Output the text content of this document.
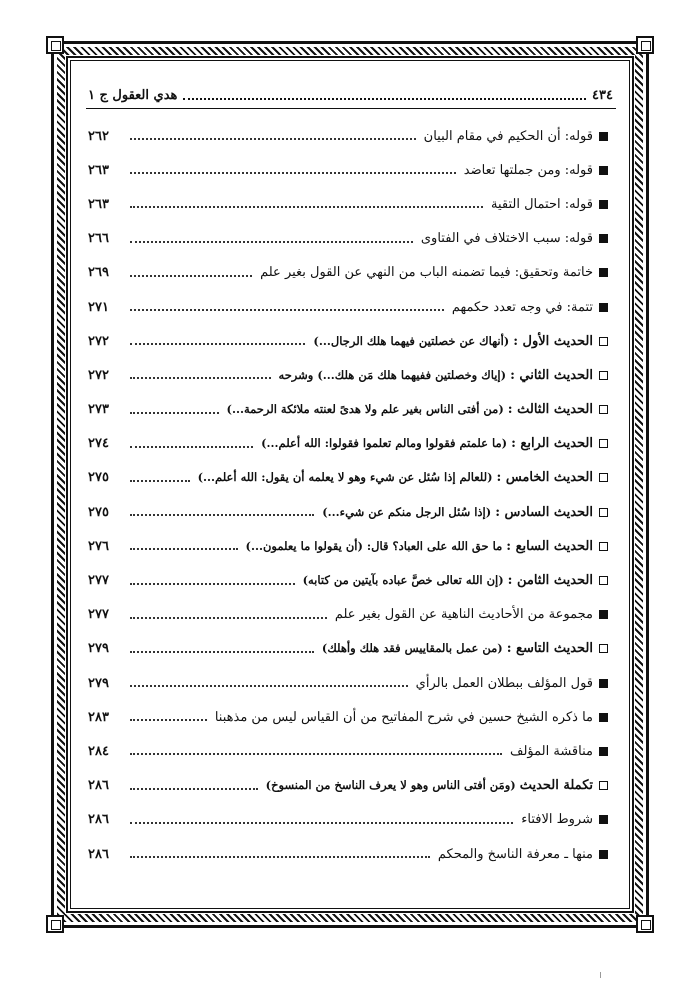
٤٣٤
هدي العقول ج ١
قوله: أن الحكيم في مقام البيان
٢٦٢
قوله: ومن جملتها تعاضد
٢٦٣
قوله: احتمال التقية
٢٦٣
قوله: سبب الاختلاف في الفتاوى
٢٦٦
خاتمة وتحقيق: فيما تضمنه الباب من النهي عن القول بغير علم
٢٦٩
تتمة: في وجه تعدد حكمهم
٢٧١
الحديث الأول : (أنهاك عن خصلتين فيهما هلك الرجال...)
٢٧٢
الحديث الثاني : (إياك وخصلتين ففيهما هلك مَن هلك...) وشرحه
٢٧٢
الحديث الثالث : (من أفتى الناس بغير علم ولا هدىً لعنته ملائكة الرحمة...)
٢٧٣
الحديث الرابع : (ما علمتم فقولوا ومالم تعلموا فقولوا: الله أعلم...)
٢٧٤
الحديث الخامس : (للعالم إذا سُئل عن شيء وهو لا يعلمه أن يقول: الله أعلم...)
٢٧٥
الحديث السادس : (إذا سُئل الرجل منكم عن شيء...)
٢٧٥
الحديث السابع : ما حق الله على العباد؟ قال: (أن يقولوا ما يعلمون...)
٢٧٦
الحديث الثامن : (إن الله تعالى خصَّ عباده بآيتين من كتابه)
٢٧٧
مجموعة من الأحاديث الناهية عن القول بغير علم
٢٧٧
الحديث التاسع : (من عمل بالمقاييس فقد هلك وأهلك)
٢٧٩
قول المؤلف ببطلان العمل بالرأي
٢٧٩
ما ذكره الشيخ حسين في شرح المفاتيح من أن القياس ليس من مذهبنا
٢٨٣
مناقشة المؤلف
٢٨٤
تكملة الحديث (ومَن أفتى الناس وهو لا يعرف الناسخ من المنسوخ)
٢٨٦
شروط الافتاء
٢٨٦
منها ـ معرفة الناسخ والمحكم
٢٨٦
